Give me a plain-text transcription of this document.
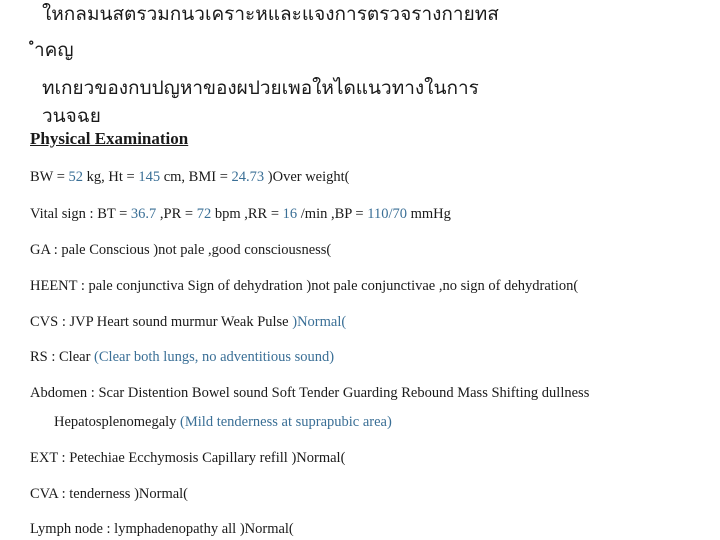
ใหกลมนสตรวมกนวเคราะหและแจงการตรวจรางกายทส

ำคญ

ทเกยวของกบปญหาของผปวยเพอใหไดแนวทางในการ

วนจฉย

Physical Examination

BW = 52 kg, Ht = 145 cm, BMI = 24.73 )Over weight(

Vital sign : BT = 36.7 ,PR = 72 bpm ,RR = 16 /min ,BP = 110/70 mmHg

GA : pale Conscious )not pale ,good consciousness(

HEENT : pale conjunctiva Sign of dehydration )not pale conjunctivae ,no sign of dehydration(

CVS : JVP Heart sound murmur Weak Pulse )Normal(

RS : Clear (Clear both lungs, no adventitious sound)

Abdomen : Scar Distention Bowel sound Soft Tender Guarding Rebound Mass Shifting dullness

Hepatosplenomegaly (Mild tenderness at suprapubic area)

EXT : Petechiae Ecchymosis Capillary refill )Normal(

CVA : tenderness )Normal(

Lymph node : lymphadenopathy all )Normal(
